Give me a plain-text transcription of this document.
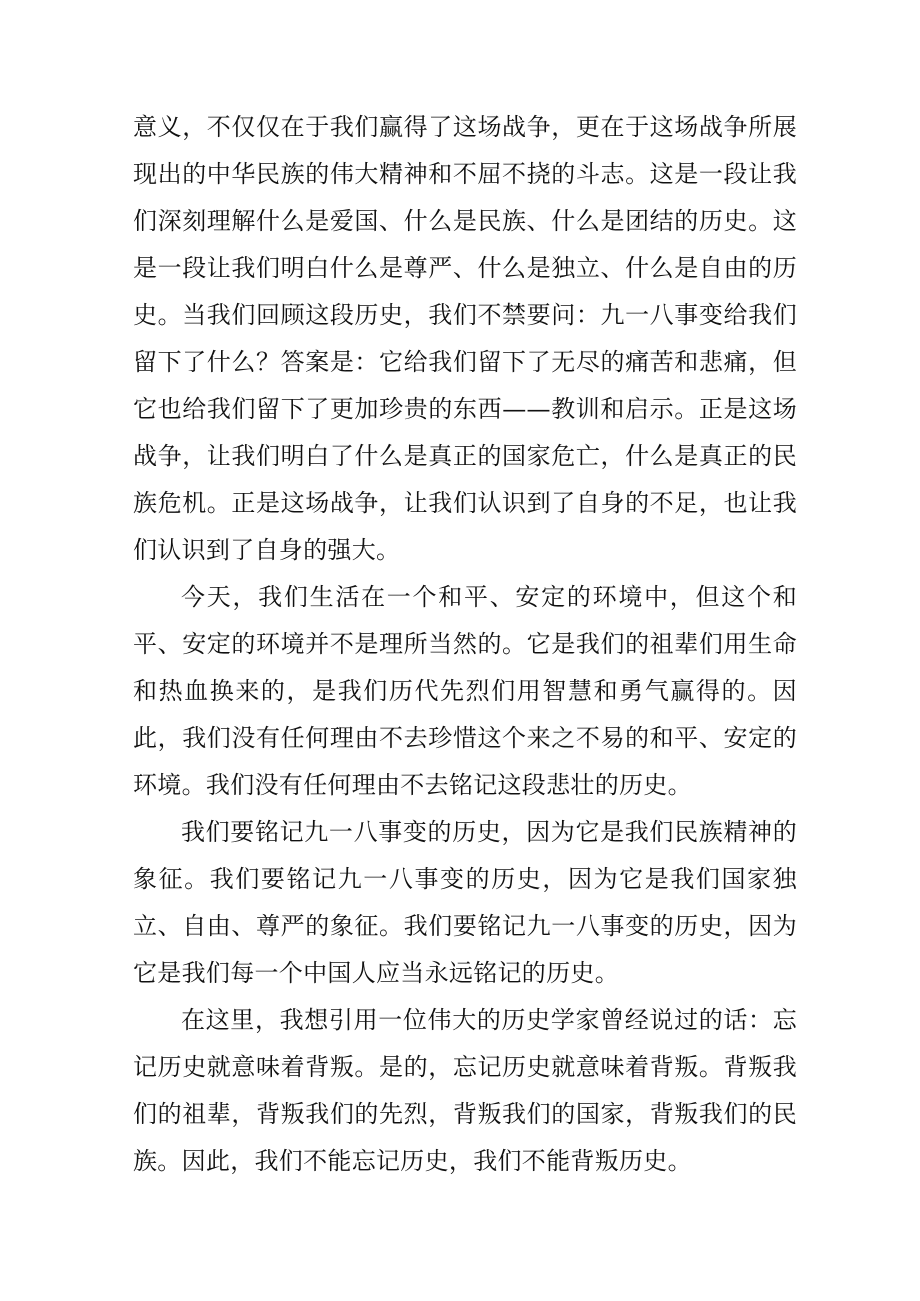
意义，不仅仅在于我们赢得了这场战争，更在于这场战争所展现出的中华民族的伟大精神和不屈不挠的斗志。这是一段让我们深刻理解什么是爱国、什么是民族、什么是团结的历史。这是一段让我们明白什么是尊严、什么是独立、什么是自由的历史。当我们回顾这段历史，我们不禁要问：九一八事变给我们留下了什么？答案是：它给我们留下了无尽的痛苦和悲痛，但它也给我们留下了更加珍贵的东西——教训和启示。正是这场战争，让我们明白了什么是真正的国家危亡，什么是真正的民族危机。正是这场战争，让我们认识到了自身的不足，也让我们认识到了自身的强大。

今天，我们生活在一个和平、安定的环境中，但这个和平、安定的环境并不是理所当然的。它是我们的祖辈们用生命和热血换来的，是我们历代先烈们用智慧和勇气赢得的。因此，我们没有任何理由不去珍惜这个来之不易的和平、安定的环境。我们没有任何理由不去铭记这段悲壮的历史。

我们要铭记九一八事变的历史，因为它是我们民族精神的象征。我们要铭记九一八事变的历史，因为它是我们国家独立、自由、尊严的象征。我们要铭记九一八事变的历史，因为它是我们每一个中国人应当永远铭记的历史。

在这里，我想引用一位伟大的历史学家曾经说过的话：忘记历史就意味着背叛。是的，忘记历史就意味着背叛。背叛我们的祖辈，背叛我们的先烈，背叛我们的国家，背叛我们的民族。因此，我们不能忘记历史，我们不能背叛历史。
